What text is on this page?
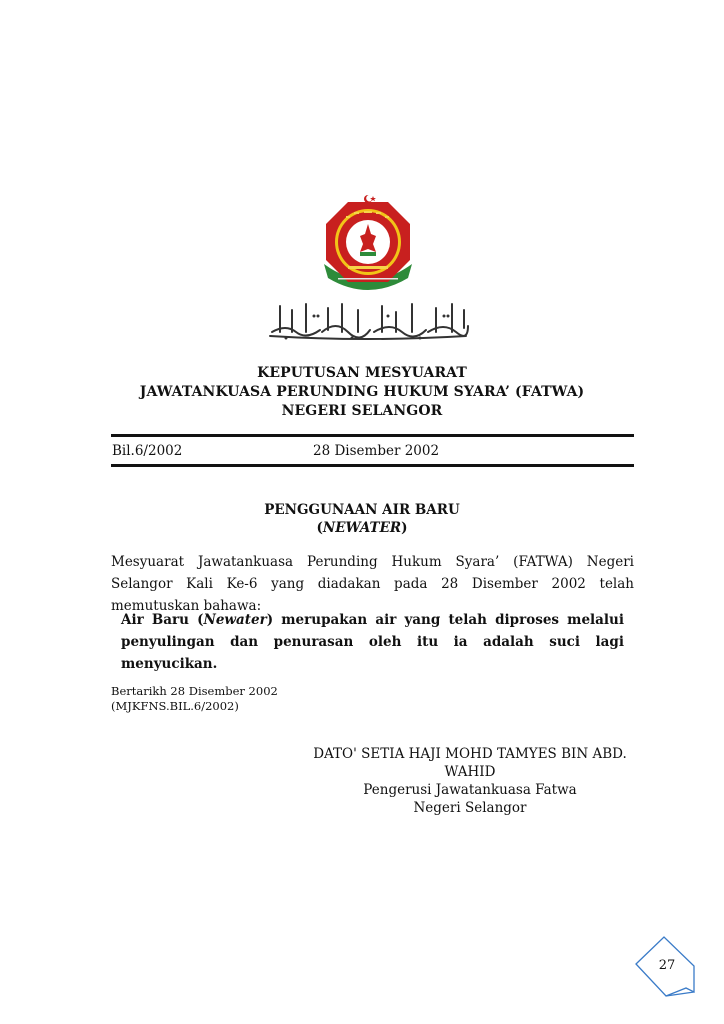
KEPUTUSAN MESYUARAT
JAWATANKUASA PERUNDING HUKUM SYARA’ (FATWA)
NEGERI SELANGOR
Bil.6/2002	28 Disember 2002
PENGGUNAAN AIR BARU
(NEWATER)
Mesyuarat Jawatankuasa Perunding Hukum Syara’ (FATWA) Negeri Selangor Kali Ke-6 yang diadakan pada 28 Disember 2002 telah memutuskan bahawa:
Air Baru (Newater) merupakan air yang telah diproses melalui penyulingan dan penurasan oleh itu ia adalah suci lagi menyucikan.
Bertarikh 28 Disember 2002
(MJKFNS.BIL.6/2002)
DATO' SETIA HAJI MOHD TAMYES BIN ABD. WAHID
Pengerusi Jawatankuasa Fatwa
Negeri Selangor
27
